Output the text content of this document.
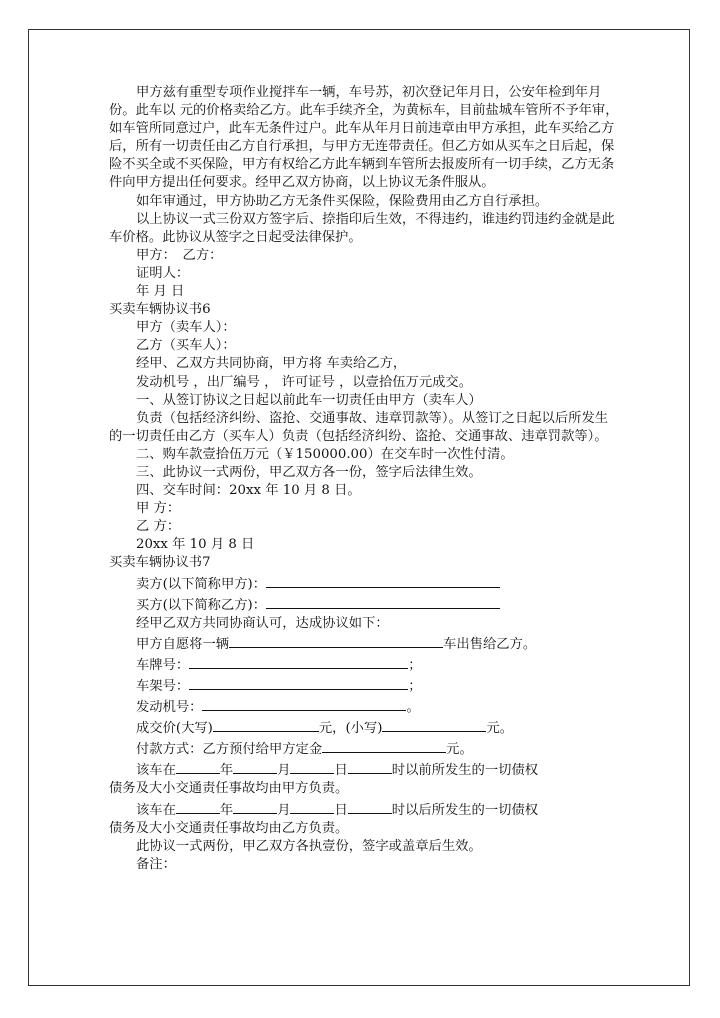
甲方兹有重型专项作业搅拌车一辆，车号苏，初次登记年月日，公安年检到年月份。此车以 元的价格卖给乙方。此车手续齐全，为黄标车，目前盐城车管所不予年审，如车管所同意过户，此车无条件过户。此车从年月日前违章由甲方承担，此车买给乙方后，所有一切责任由乙方自行承担，与甲方无连带责任。但乙方如从买车之日后起，保险不买全或不买保险，甲方有权给乙方此车辆到车管所去报废所有一切手续，乙方无条件向甲方提出任何要求。经甲乙双方协商，以上协议无条件服从。

如年审通过，甲方协助乙方无条件买保险，保险费用由乙方自行承担。

以上协议一式三份双方签字后、捺指印后生效，不得违约，谁违约罚违约金就是此车价格。此协议从签字之日起受法律保护。

甲方：　乙方：

证明人：

年 月 日

买卖车辆协议书6

甲方（卖车人）：

乙方（买车人）：

经甲、乙双方共同协商，甲方将 车卖给乙方，

发动机号 ，出厂编号 ， 许可证号 ，以壹拾伍万元成交。

一、从签订协议之日起以前此车一切责任由甲方（卖车人）

负责（包括经济纠纷、盗抢、交通事故、违章罚款等）。从签订之日起以后所发生的一切责任由乙方（买车人）负责（包括经济纠纷、盗抢、交通事故、违章罚款等）。

二、购车款壹拾伍万元（￥150000.00）在交车时一次性付清。

三、此协议一式两份，甲乙双方各一份，签字后法律生效。

四、交车时间：20xx 年 10 月 8 日。

甲 方：

乙 方：

20xx 年 10 月 8 日

买卖车辆协议书7

卖方(以下简称甲方)：

买方(以下简称乙方)：

经甲乙双方共同协商认可，达成协议如下：

甲方自愿将一辆	车出售给乙方。

车牌号：	；

车架号：	；

发动机号：	。

成交价(大写)	元，(小写)	元。

付款方式：乙方预付给甲方定金	元。

该车在	年	月	日	时以前所发生的一切债权

债务及大小交通责任事故均由甲方负责。

该车在	年	月	日	时以后所发生的一切债权

债务及大小交通责任事故均由乙方负责。

此协议一式两份，甲乙双方各执壹份，签字或盖章后生效。

备注：
